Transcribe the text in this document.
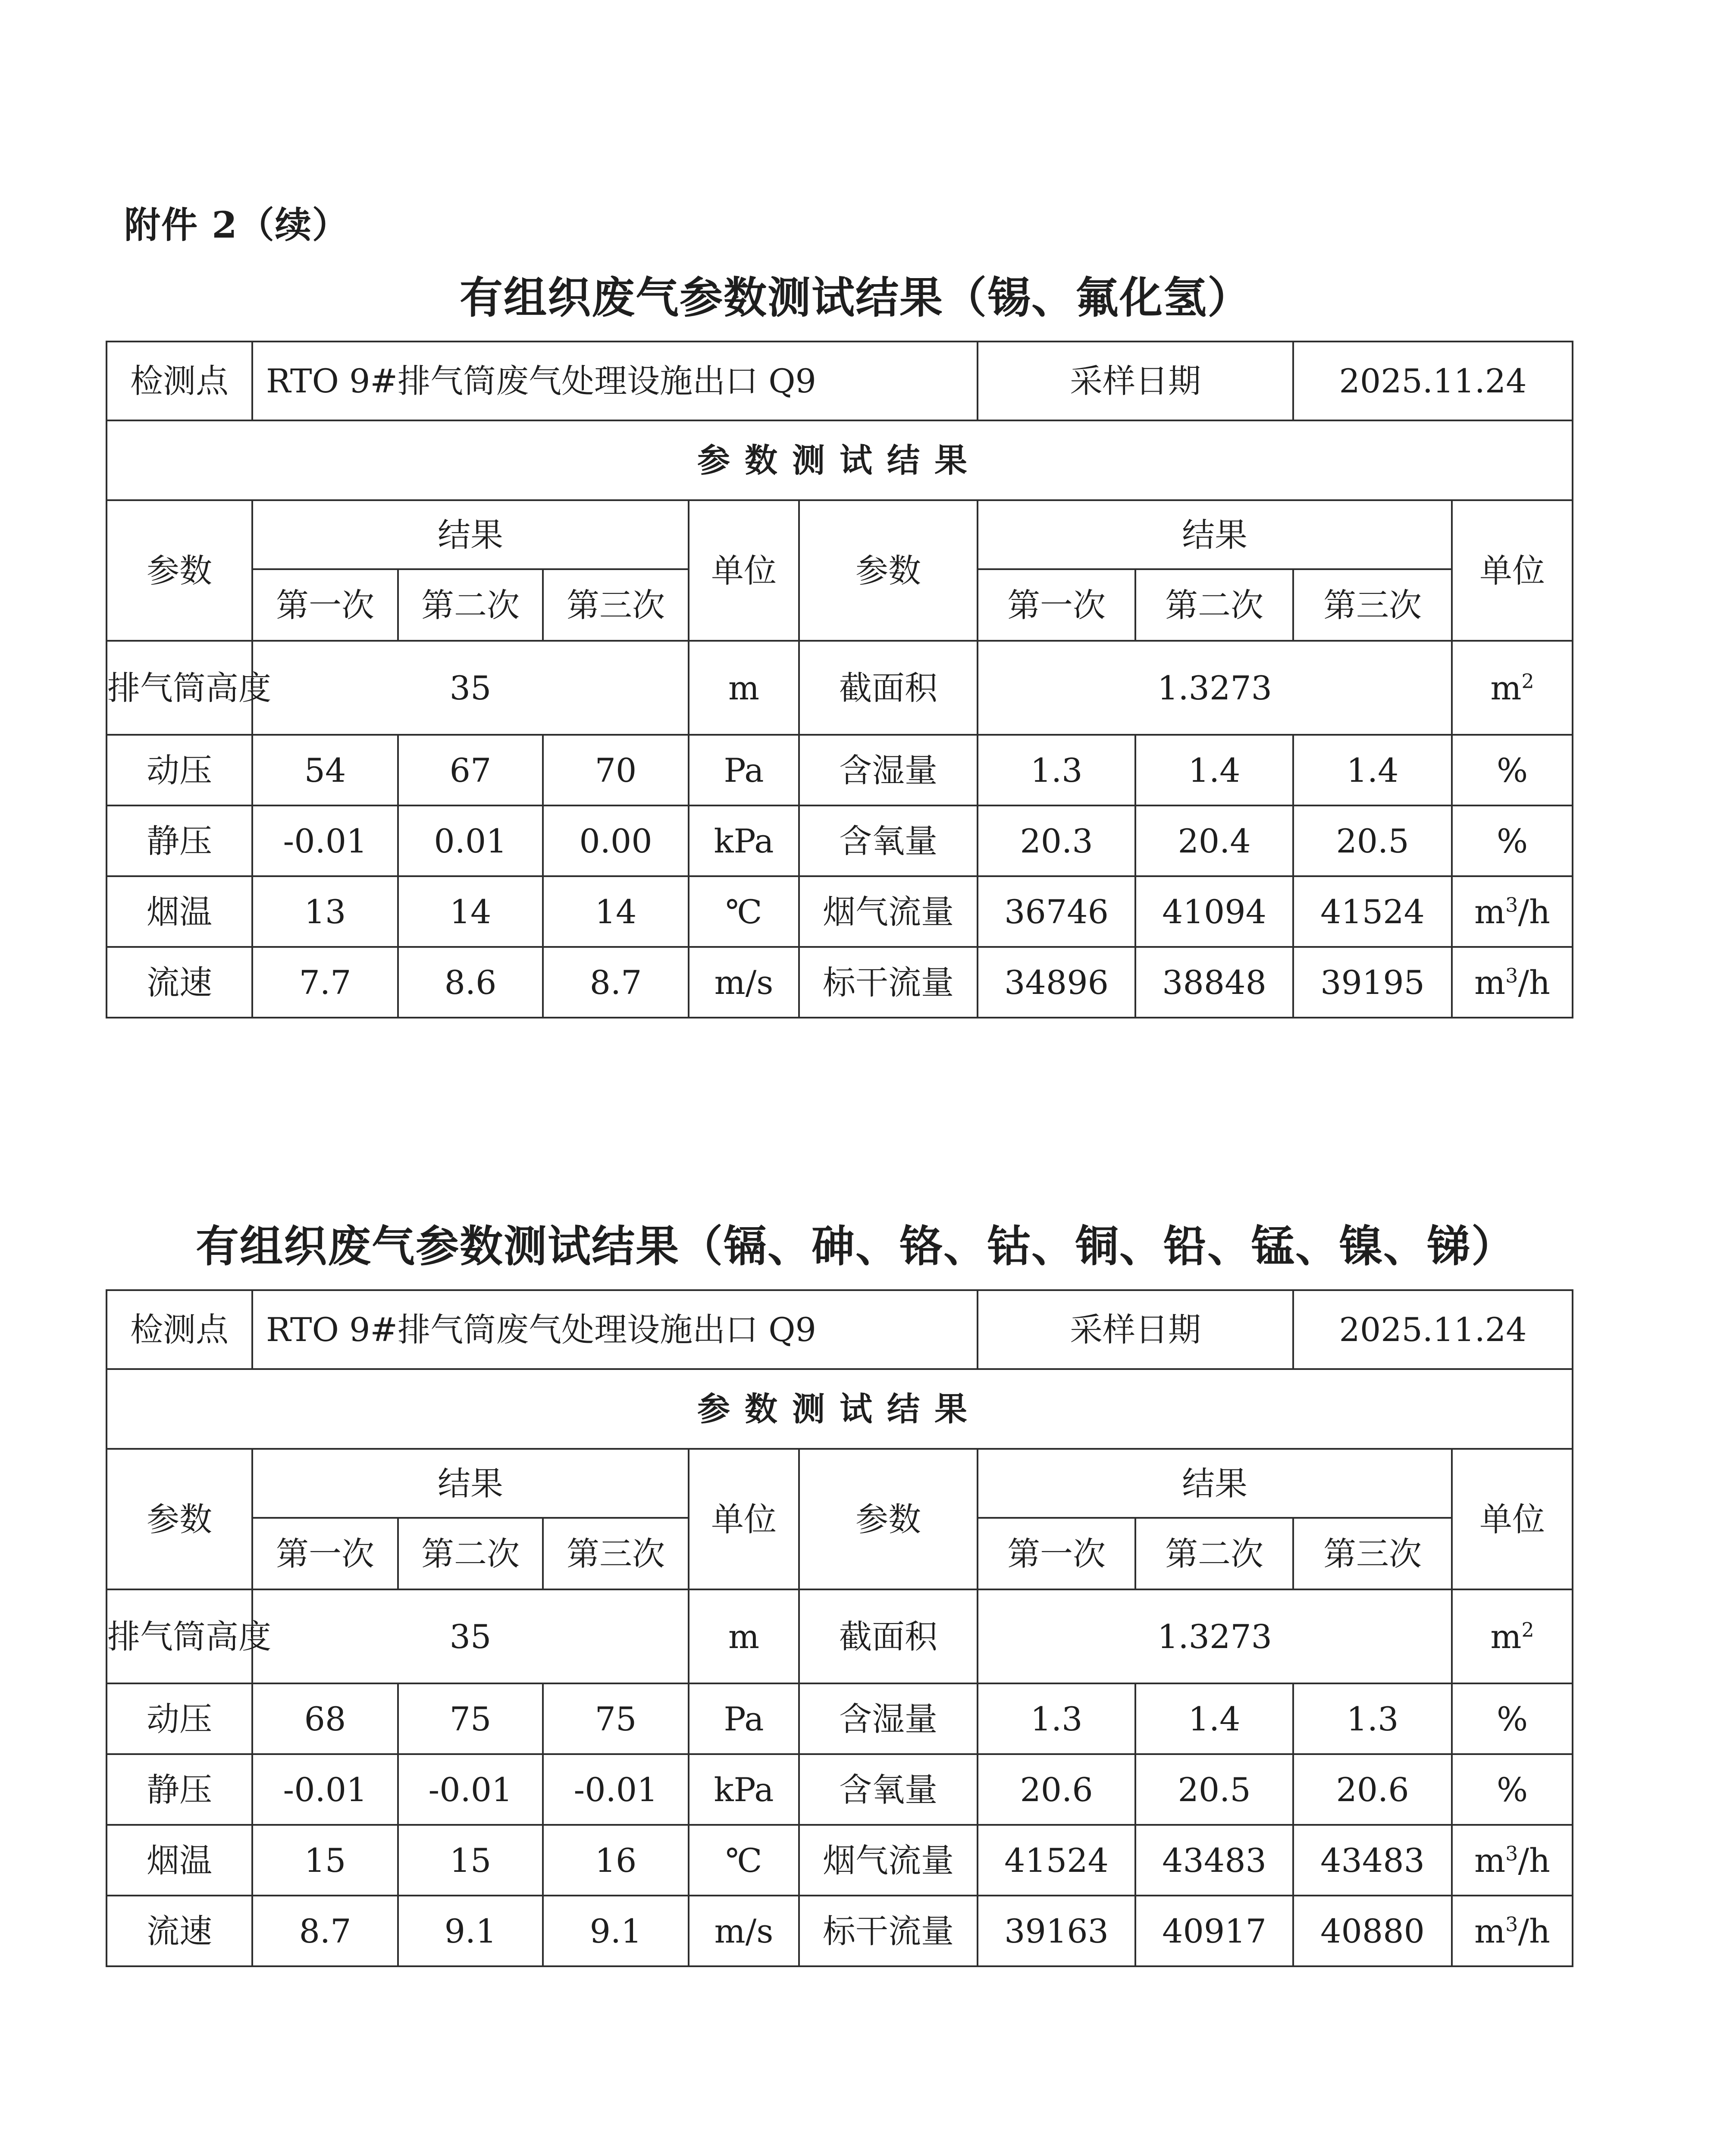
附件 2（续）
有组织废气参数测试结果（锡、氟化氢）
检测点	RTO 9#排气筒废气处理设施出口 Q9					采样日期		2025.11.24	
参数测试结果									
参数	结果			单位	参数	结果			单位
	第一次	第二次	第三次			第一次	第二次	第三次	
排气筒高度	35			m	截面积	1.3273			$m^2$
动压	54	67	70	Pa	含湿量	1.3	1.4	1.4	%
静压	-0.01	0.01	0.00	kPa	含氧量	20.3	20.4	20.5	%
烟温	13	14	14	℃	烟气流量	36746	41094	41524	$m^3/h$
流速	7.7	8.6	8.7	m/s	标干流量	34896	38848	39195	$m^3/h$
有组织废气参数测试结果（镉、砷、铬、钴、铜、铅、锰、镍、锑）
检测点	RTO 9#排气筒废气处理设施出口 Q9					采样日期		2025.11.24	
参数测试结果									
参数	结果			单位	参数	结果			单位
	第一次	第二次	第三次			第一次	第二次	第三次	
排气筒高度	35			m	截面积	1.3273			$m^2$
动压	68	75	75	Pa	含湿量	1.3	1.4	1.3	%
静压	-0.01	-0.01	-0.01	kPa	含氧量	20.6	20.5	20.6	%
烟温	15	15	16	℃	烟气流量	41524	43483	43483	$m^3/h$
流速	8.7	9.1	9.1	m/s	标干流量	39163	40917	40880	$m^3/h$
